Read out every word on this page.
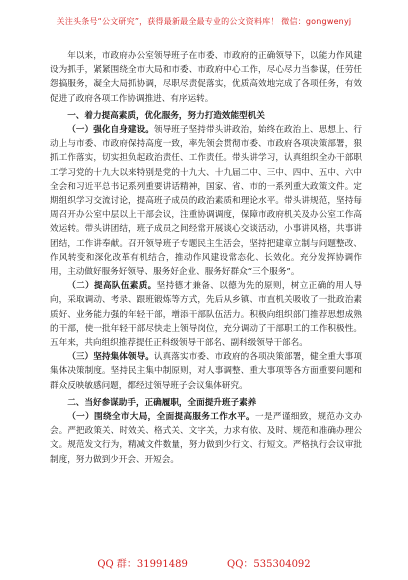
关注头条号“公文研究”，获得最新最全最专业的公文资料库！ 微信：gongwenyj

年以来，市政府办公室领导班子在市委、市政府的正确领导下，以能力作风建设为抓手，紧紧围绕全市大局和市委、市政府中心工作，尽心尽力当参谋，任劳任怨搞服务，凝全大局抓协调，尽职尽责促落实，优质高效地完成了各项任务，有效促进了政府各项工作协调推进、有序运转。

一、着力提高素质，优化服务，努力打造效能型机关

（一）强化自身建设。领导班子坚持带头讲政治，始终在政治上、思想上、行动上与市委、市政府保持高度一致，率先领会贯彻市委、市政府各项决策部署，狠抓工作落实，切实担负起政治责任、工作责任。带头讲学习，认真组织全办干部职工学习党的十九大以来特别是党的十九大、十九届二中、三中、四中、五中、六中全会和习近平总书记系列重要讲话精神，国家、省、市的一系列重大政策文件。定期组织学习交流讨论，提高班子成员的政治素质和理论水平。带头讲规范，坚持每周召开办公室中层以上干部会议，注重协调调度，保障市政府机关及办公室工作高效运转。带头讲团结，班子成员之间经常开展谈心交谈活动，小事讲风格，共事讲团结，工作讲奉献。召开领导班子专题民主生活会，坚持把建章立制与问题整改、作风转变和深化改革有机结合，推动作风建设常态化、长效化。充分发挥协调作用，主动做好服务好领导、服务好企业、服务好群众“三个服务”。

（二）提高队伍素质。坚持德才兼备、以德为先的原则，树立正确的用人导向，采取调动、考录、跟班锻炼等方式，先后从乡镇、市直机关吸收了一批政治素质好、业务能力强的年轻干部，增添干部队伍活力。积极向组织部门推荐思想成熟的干部，使一批年轻干部尽快走上领导岗位，充分调动了干部职工的工作积极性。五年来，共向组织推荐提任正科级领导干部名、副科级领导干部名。

（三）坚持集体领导。认真落实市委、市政府的各项决策部署，健全重大事项集体决策制度。坚持民主集中制原则，对人事调整、重大事项等各方面重要问题和群众反映敏感问题，都经过领导班子会议集体研究。

二、当好参谋助手，正确履职，全面提升班子素养

（一）围绕全市大局，全面提高服务工作水平。一是严谨细致，规范办文办会。严把政策关、时效关、格式关、文字关，力求有依、及时、规范和准确办理公文。规范发文行为，精减文件数量，努力做到少行文、行短文。严格执行会议审批制度，努力做到少开会、开短会。

QQ 群：31991489	QQ：535304092
